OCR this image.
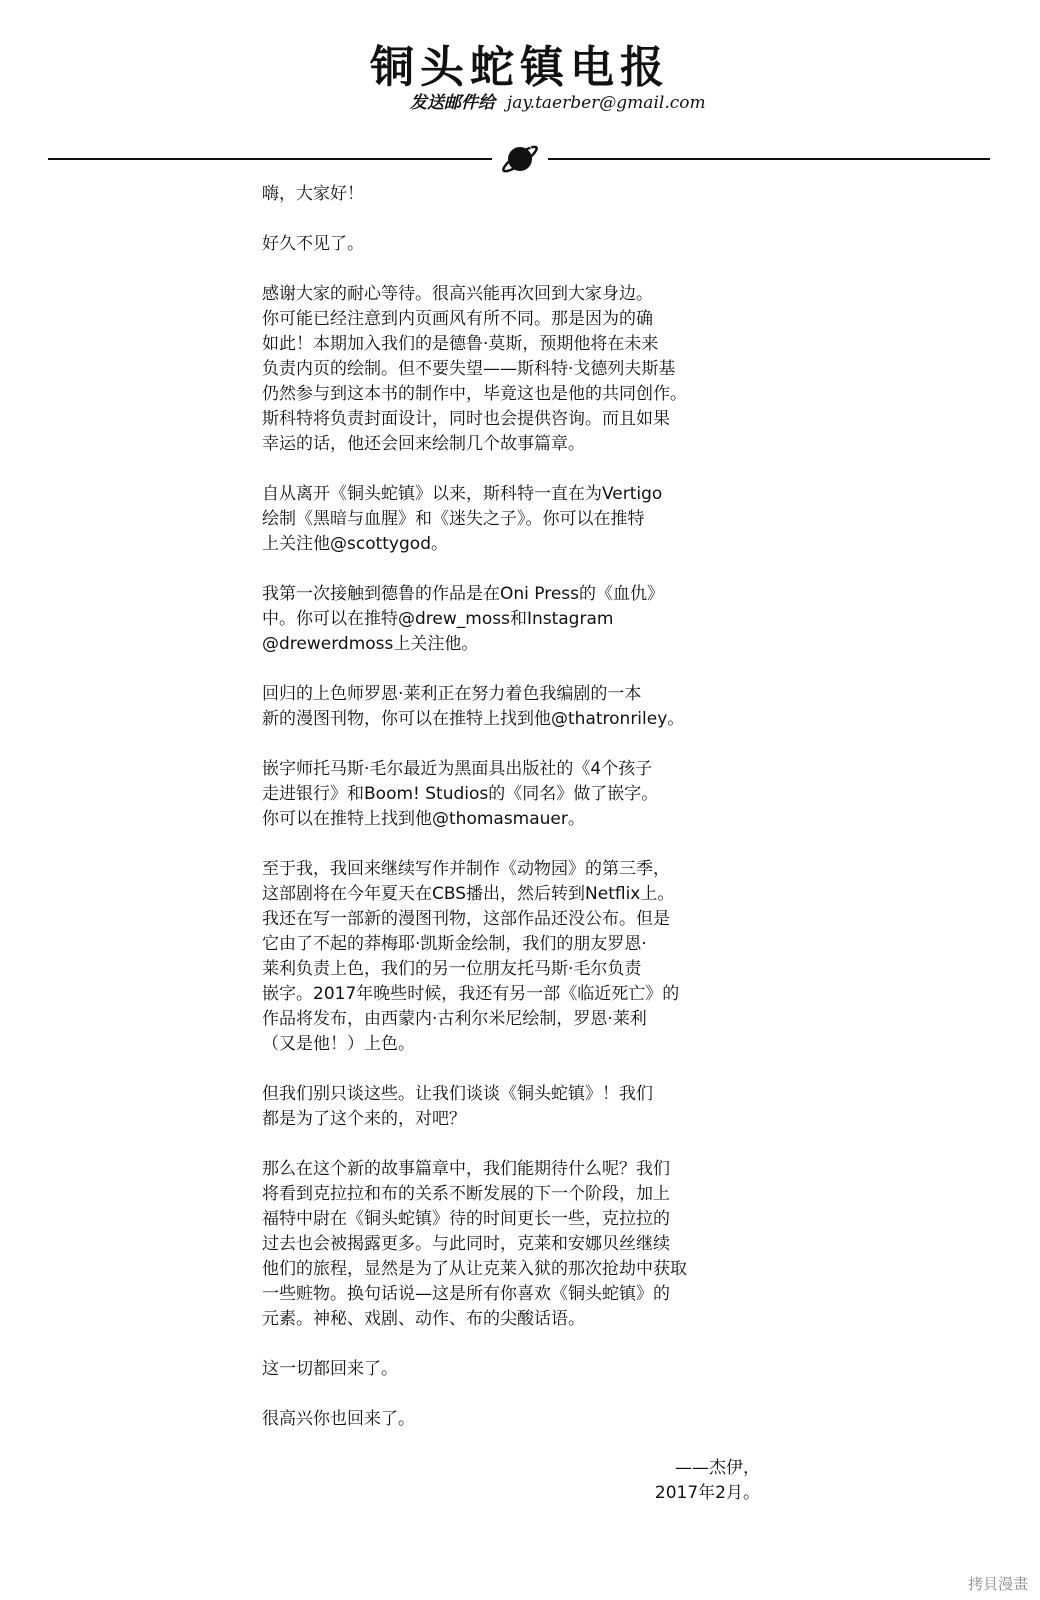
铜头蛇镇电报
发送邮件给 jay.taerber@gmail.com

嗨，大家好！

好久不见了。

感谢大家的耐心等待。很高兴能再次回到大家身边。
你可能已经注意到内页画风有所不同。那是因为的确
如此！本期加入我们的是德鲁·莫斯，预期他将在未来
负责内页的绘制。但不要失望——斯科特·戈德列夫斯基
仍然参与到这本书的制作中，毕竟这也是他的共同创作。
斯科特将负责封面设计，同时也会提供咨询。而且如果
幸运的话，他还会回来绘制几个故事篇章。

自从离开《铜头蛇镇》以来，斯科特一直在为Vertigo
绘制《黑暗与血腥》和《迷失之子》。你可以在推特
上关注他@scottygod。

我第一次接触到德鲁的作品是在Oni Press的《血仇》
中。你可以在推特@drew_moss和Instagram
@drewerdmoss上关注他。

回归的上色师罗恩·莱利正在努力着色我编剧的一本
新的漫图刊物，你可以在推特上找到他@thatronriley。

嵌字师托马斯·毛尔最近为黑面具出版社的《4个孩子
走进银行》和Boom! Studios的《同名》做了嵌字。
你可以在推特上找到他@thomasmauer。

至于我，我回来继续写作并制作《动物园》的第三季，
这部剧将在今年夏天在CBS播出，然后转到Netflix上。
我还在写一部新的漫图刊物，这部作品还没公布。但是
它由了不起的莽梅耶·凯斯金绘制，我们的朋友罗恩·
莱利负责上色，我们的另一位朋友托马斯·毛尔负责
嵌字。2017年晚些时候，我还有另一部《临近死亡》的
作品将发布，由西蒙内·古利尔米尼绘制，罗恩·莱利
（又是他！）上色。

但我们别只谈这些。让我们谈谈《铜头蛇镇》！我们
都是为了这个来的，对吧？

那么在这个新的故事篇章中，我们能期待什么呢？我们
将看到克拉拉和布的关系不断发展的下一个阶段，加上
福特中尉在《铜头蛇镇》待的时间更长一些，克拉拉的
过去也会被揭露更多。与此同时，克莱和安娜贝丝继续
他们的旅程，显然是为了从让克莱入狱的那次抢劫中获取
一些赃物。换句话说—这是所有你喜欢《铜头蛇镇》的
元素。神秘、戏剧、动作、布的尖酸话语。

这一切都回来了。

很高兴你也回来了。

——杰伊，
2017年2月。
拷貝漫畫
